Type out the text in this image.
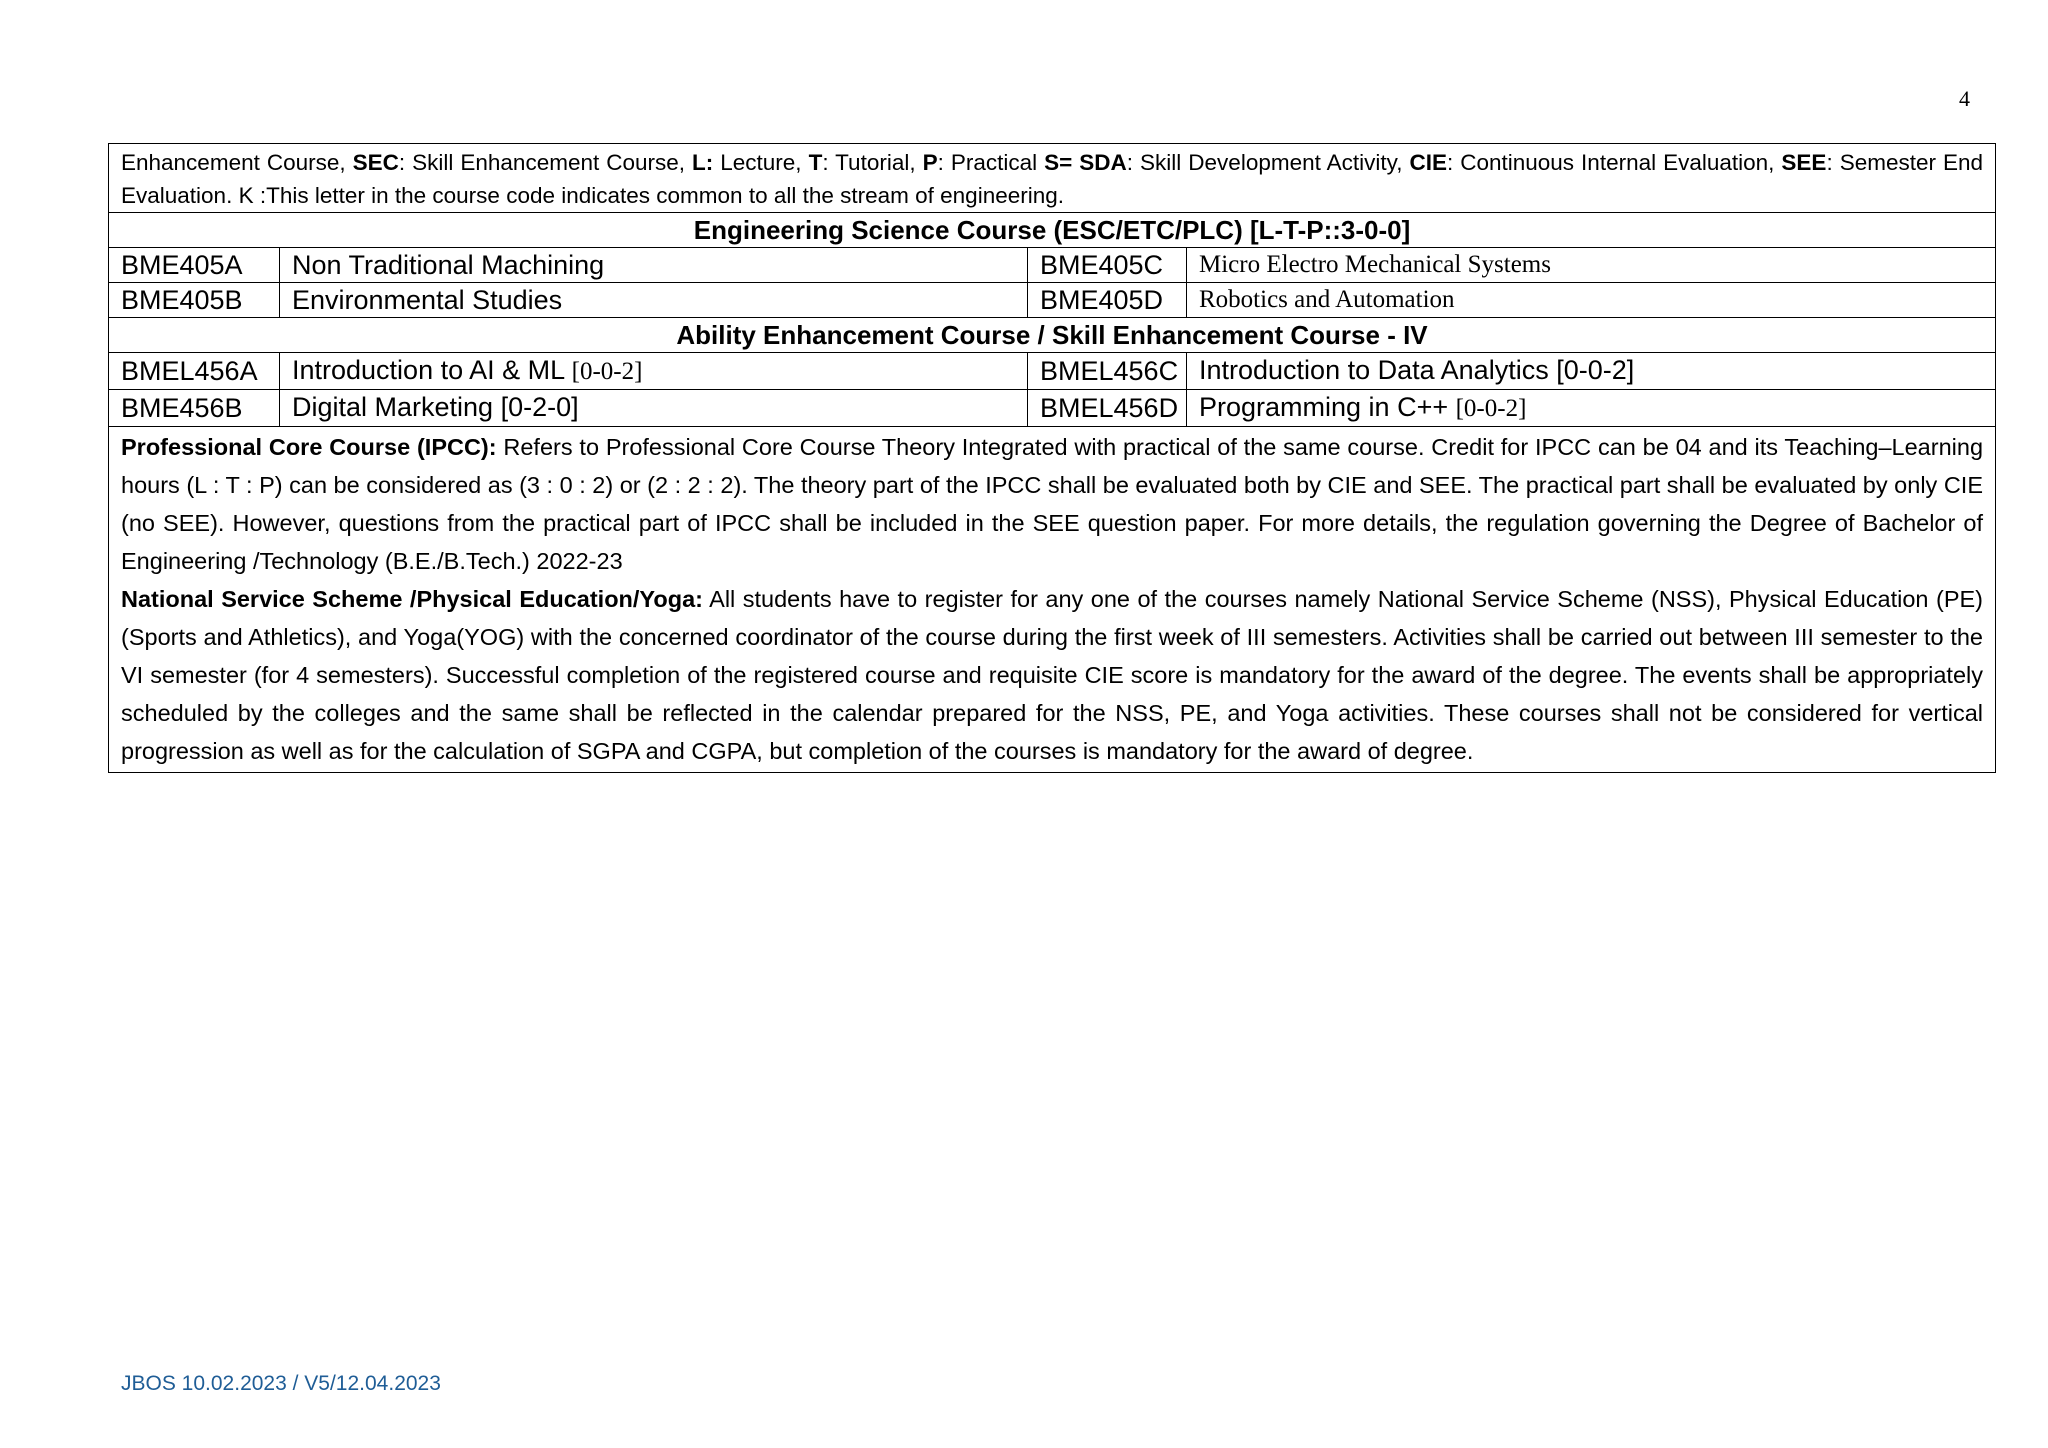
4
Enhancement Course, SEC: Skill Enhancement Course, L: Lecture, T: Tutorial, P: Practical S= SDA: Skill Development Activity, CIE: Continuous Internal Evaluation, SEE: Semester End Evaluation. K :This letter in the course code indicates common to all the stream of engineering.			
Engineering Science Course (ESC/ETC/PLC) [L-T-P::3-0-0]			
BME405A	Non Traditional Machining	BME405C	Micro Electro Mechanical Systems
BME405B	Environmental Studies	BME405D	Robotics and Automation
Ability Enhancement Course / Skill Enhancement Course - IV			
BMEL456A	Introduction to AI & ML [0-0-2]	BMEL456C	Introduction to Data Analytics [0-0-2]
BME456B	Digital Marketing [0-2-0]	BMEL456D	Programming in C++ [0-0-2]

Professional Core Course (IPCC): Refers to Professional Core Course Theory Integrated with practical of the same course. Credit for IPCC can be 04 and its Teaching–Learning hours (L : T : P) can be considered as (3 : 0 : 2) or (2 : 2 : 2). The theory part of the IPCC shall be evaluated both by CIE and SEE. The practical part shall be evaluated by only CIE (no SEE). However, questions from the practical part of IPCC shall be included in the SEE question paper. For more details, the regulation governing the Degree of Bachelor of Engineering /Technology (B.E./B.Tech.) 2022-23

National Service Scheme /Physical Education/Yoga: All students have to register for any one of the courses namely National Service Scheme (NSS), Physical Education (PE)(Sports and Athletics), and Yoga(YOG) with the concerned coordinator of the course during the first week of III semesters. Activities shall be carried out between III semester to the VI semester (for 4 semesters). Successful completion of the registered course and requisite CIE score is mandatory for the award of the degree. The events shall be appropriately scheduled by the colleges and the same shall be reflected in the calendar prepared for the NSS, PE, and Yoga activities. These courses shall not be considered for vertical progression as well as for the calculation of SGPA and CGPA, but completion of the courses is mandatory for the award of degree.			

JBOS 10.02.2023 / V5/12.04.2023
